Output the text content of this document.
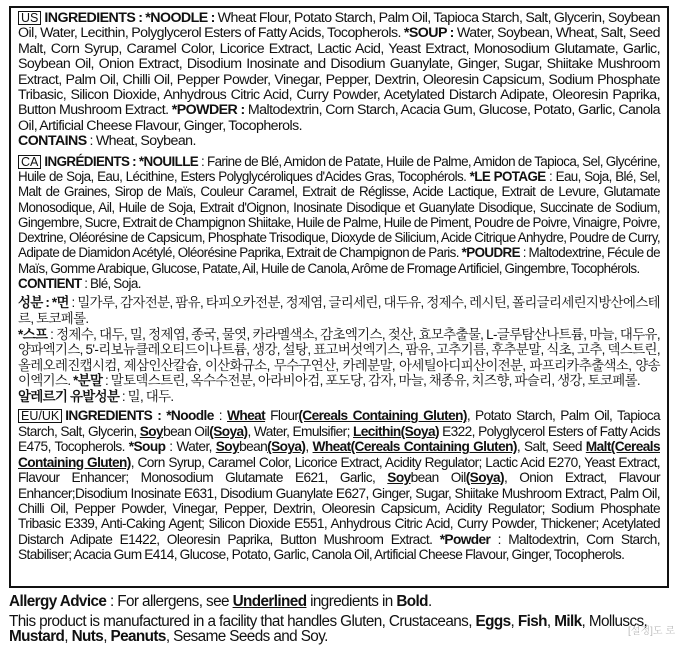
US INGREDIENTS : *NOODLE : Wheat Flour, Potato Starch, Palm Oil, Tapioca Starch, Salt, Glycerin, Soybean Oil, Water, Lecithin, Polyglycerol Esters of Fatty Acids, Tocopherols. *SOUP : Water, Soybean, Wheat, Salt, Seed Malt, Corn Syrup, Caramel Color, Licorice Extract, Lactic Acid, Yeast Extract, Monosodium Glutamate, Garlic, Soybean Oil, Onion Extract, Disodium Inosinate and Disodium Guanylate, Ginger, Sugar, Shiitake Mushroom Extract, Palm Oil, Chilli Oil, Pepper Powder, Vinegar, Pepper, Dextrin, Oleoresin Capsicum, Sodium Phosphate Tribasic, Silicon Dioxide, Anhydrous Citric Acid, Curry Powder, Acetylated Distarch Adipate, Oleoresin Paprika, Button Mushroom Extract. *POWDER : Maltodextrin, Corn Starch, Acacia Gum, Glucose, Potato, Garlic, Canola Oil, Artificial Cheese Flavour, Ginger, Tocopherols.
CONTAINS : Wheat, Soybean.

CA INGRÉDIENTS : *NOUILLE : Farine de Blé, Amidon de Patate, Huile de Palme, Amidon de Tapioca, Sel, Glycérine, Huile de Soja, Eau, Lécithine, Esters Polyglycéroliques d'Acides Gras, Tocophérols. *LE POTAGE : Eau, Soja, Blé, Sel, Malt de Graines, Sirop de Maïs, Couleur Caramel, Extrait de Réglisse, Acide Lactique, Extrait de Levure, Glutamate Monosodique, Ail, Huile de Soja, Extrait d'Oignon, Inosinate Disodique et Guanylate Disodique, Succinate de Sodium, Gingembre, Sucre, Extrait de Champignon Shiitake, Huile de Palme, Huile de Piment, Poudre de Poivre, Vinaigre, Poivre, Dextrine, Oléorésine de Capsicum, Phosphate Trisodique, Dioxyde de Silicium, Acide Citrique Anhydre, Poudre de Curry, Adipate de Diamidon Acétylé, Oléorésine Paprika, Extrait de Champignon de Paris. *POUDRE : Maltodextrine, Fécule de Maïs, Gomme Arabique, Glucose, Patate, Ail, Huile de Canola, Arôme de Fromage Artificiel, Gingembre, Tocophérols.
CONTIENT : Blé, Soja.

성분 : *면 : 밀가루, 감자전분, 팜유, 타피오카전분, 정제염, 글리세린, 대두유, 정제수, 레시틴, 폴리글리세린지방산에스테르, 토코페롤.
*스프 : 정제수, 대두, 밀, 정제염, 종국, 물엿, 카라멜색소, 감초엑기스, 젖산, 효모추출물, L-글루탐산나트륨, 마늘, 대두유, 양파엑기스, 5'-리보뉴클레오티드이나트륨, 생강, 설탕, 표고버섯엑기스, 팜유, 고추기름, 후추분말, 식초, 고추, 덱스트린, 올레오레진캡시컴, 제삼인산칼슘, 이산화규소, 무수구연산, 카레분말, 아세틸아디피산이전분, 파프리카추출색소, 양송이엑기스. *분말 : 말토덱스트린, 옥수수전분, 아라비아검, 포도당, 감자, 마늘, 채종유, 치즈향, 파슬리, 생강, 토코페롤.
알레르기 유발성분 : 밀, 대두.

EU/UK INGREDIENTS : *Noodle : Wheat Flour(Cereals Containing Gluten), Potato Starch, Palm Oil, Tapioca Starch, Salt, Glycerin, Soybean Oil(Soya), Water, Emulsifier; Lecithin(Soya) E322, Polyglycerol Esters of Fatty Acids E475, Tocopherols. *Soup : Water, Soybean(Soya), Wheat(Cereals Containing Gluten), Salt, Seed Malt(Cereals Containing Gluten), Corn Syrup, Caramel Color, Licorice Extract, Acidity Regulator; Lactic Acid E270, Yeast Extract, Flavour Enhancer; Monosodium Glutamate E621, Garlic, Soybean Oil(Soya), Onion Extract, Flavour Enhancer;Disodium Inosinate E631, Disodium Guanylate E627, Ginger, Sugar, Shiitake Mushroom Extract, Palm Oil, Chilli Oil, Pepper Powder, Vinegar, Pepper, Dextrin, Oleoresin Capsicum, Acidity Regulator; Sodium Phosphate Tribasic E339, Anti-Caking Agent; Silicon Dioxide E551, Anhydrous Citric Acid, Curry Powder, Thickener; Acetylated Distarch Adipate E1422, Oleoresin Paprika, Button Mushroom Extract. *Powder : Maltodextrin, Corn Starch, Stabiliser; Acacia Gum E414, Glucose, Potato, Garlic, Canola Oil, Artificial Cheese Flavour, Ginger, Tocopherols.

Allergy Advice : For allergens, see Underlined ingredients in Bold.

This product is manufactured in a facility that handles Gluten, Crustaceans, Eggs, Fish, Milk, Molluscs, Mustard, Nuts, Peanuts, Sesame Seeds and Soy.	[설정]도 로
